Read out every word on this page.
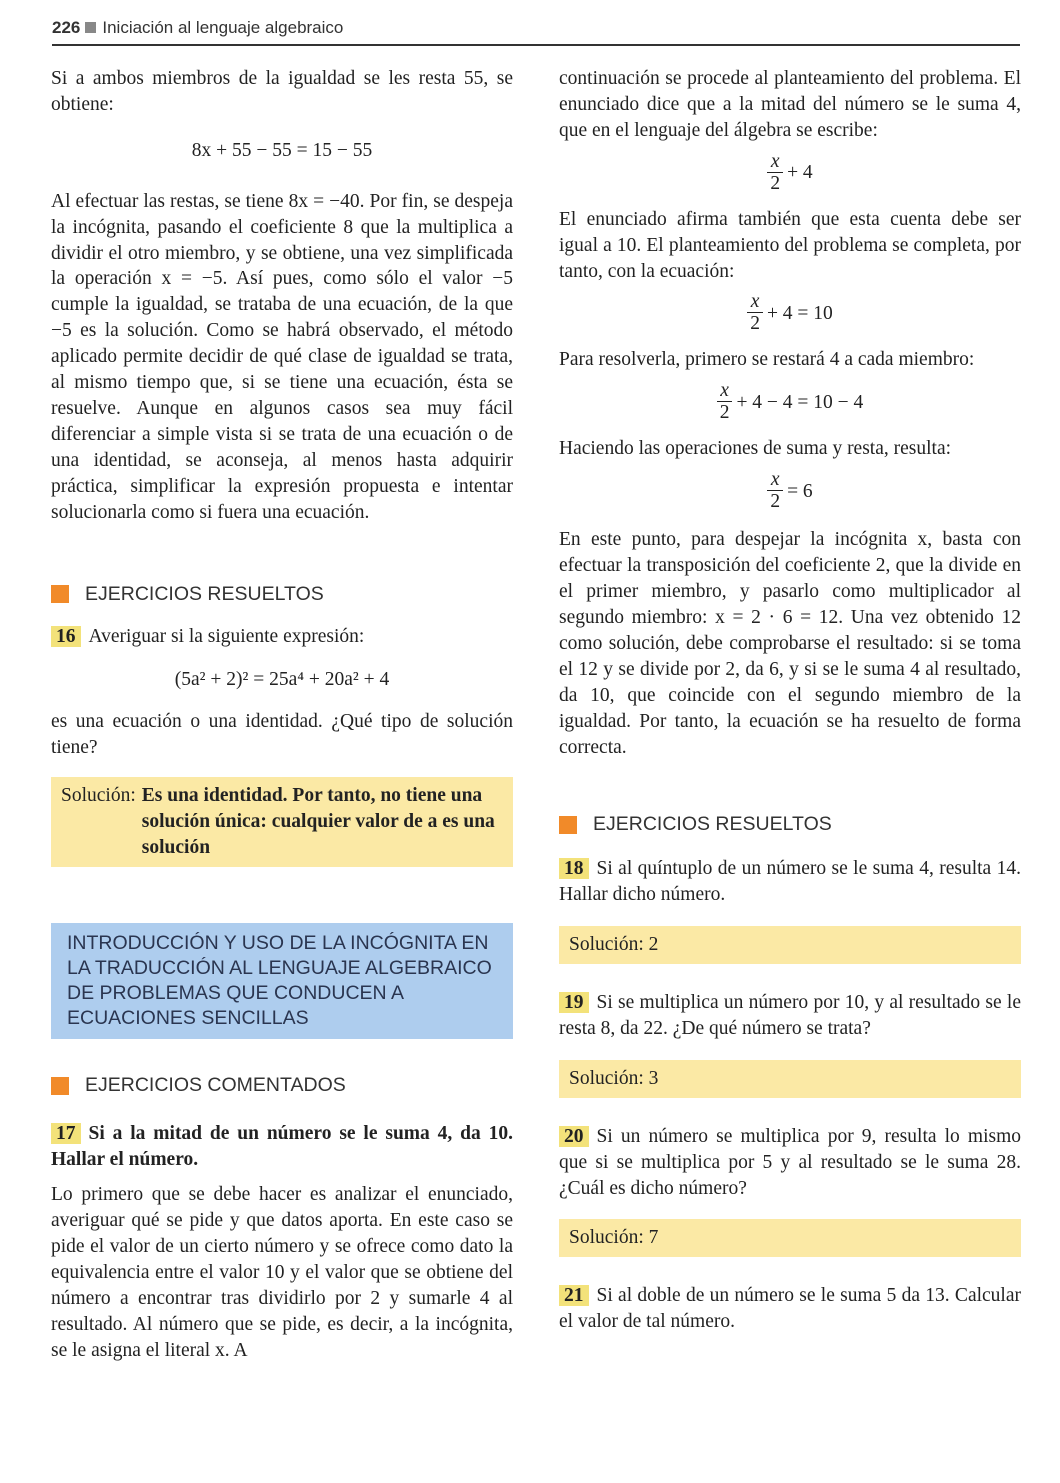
226 Iniciación al lenguaje algebraico

Si a ambos miembros de la igualdad se les resta 55, se obtiene:

8x + 55 − 55 = 15 − 55

Al efectuar las restas, se tiene 8x = −40. Por fin, se despeja la incógnita, pasando el coeficiente 8 que la multiplica a dividir el otro miembro, y se obtiene, una vez simplificada la operación x = −5. Así pues, como sólo el valor −5 cumple la igualdad, se trataba de una ecuación, de la que −5 es la solución. Como se habrá observado, el método aplicado permite decidir de qué clase de igualdad se trata, al mismo tiempo que, si se tiene una ecuación, ésta se resuelve. Aunque en algunos casos sea muy fácil diferenciar a simple vista si se trata de una ecuación o de una identidad, se aconseja, al menos hasta adquirir práctica, simplificar la expresión propuesta e intentar solucionarla como si fuera una ecuación.

EJERCICIOS RESUELTOS

16 Averiguar si la siguiente expresión:

(5a² + 2)² = 25a⁴ + 20a² + 4

es una ecuación o una identidad. ¿Qué tipo de solución tiene?

Solución: Es una identidad. Por tanto, no tiene una solución única: cualquier valor de a es una solución
INTRODUCCIÓN Y USO DE LA INCÓGNITA EN LA TRADUCCIÓN AL LENGUAJE ALGEBRAICO DE PROBLEMAS QUE CONDUCEN A ECUACIONES SENCILLAS
EJERCICIOS COMENTADOS

17 Si a la mitad de un número se le suma 4, da 10. Hallar el número.

Lo primero que se debe hacer es analizar el enunciado, averiguar qué se pide y que datos aporta. En este caso se pide el valor de un cierto número y se ofrece como dato la equivalencia entre el valor 10 y el valor que se obtiene del número a encontrar tras dividirlo por 2 y sumarle 4 al resultado. Al número que se pide, es decir, a la incógnita, se le asigna el literal x. A

continuación se procede al planteamiento del problema. El enunciado dice que a la mitad del número se le suma 4, que en el lenguaje del álgebra se escribe:

$\frac{x}{2} + 4$

El enunciado afirma también que esta cuenta debe ser igual a 10. El planteamiento del problema se completa, por tanto, con la ecuación:

$\frac{x}{2} + 4 = 10$

Para resolverla, primero se restará 4 a cada miembro:

$\frac{x}{2} + 4 - 4 = 10 - 4$

Haciendo las operaciones de suma y resta, resulta:

$\frac{x}{2} = 6$

En este punto, para despejar la incógnita x, basta con efectuar la transposición del coeficiente 2, que la divide en el primer miembro, y pasarlo como multiplicador al segundo miembro: x = 2 · 6 = 12. Una vez obtenido 12 como solución, debe comprobarse el resultado: si se toma el 12 y se divide por 2, da 6, y si se le suma 4 al resultado, da 10, que coincide con el segundo miembro de la igualdad. Por tanto, la ecuación se ha resuelto de forma correcta.

EJERCICIOS RESUELTOS

18 Si al quíntuplo de un número se le suma 4, resulta 14. Hallar dicho número.

Solución: 2

19 Si se multiplica un número por 10, y al resultado se le resta 8, da 22. ¿De qué número se trata?

Solución: 3

20 Si un número se multiplica por 9, resulta lo mismo que si se multiplica por 5 y al resultado se le suma 28. ¿Cuál es dicho número?

Solución: 7

21 Si al doble de un número se le suma 5 da 13. Calcular el valor de tal número.
